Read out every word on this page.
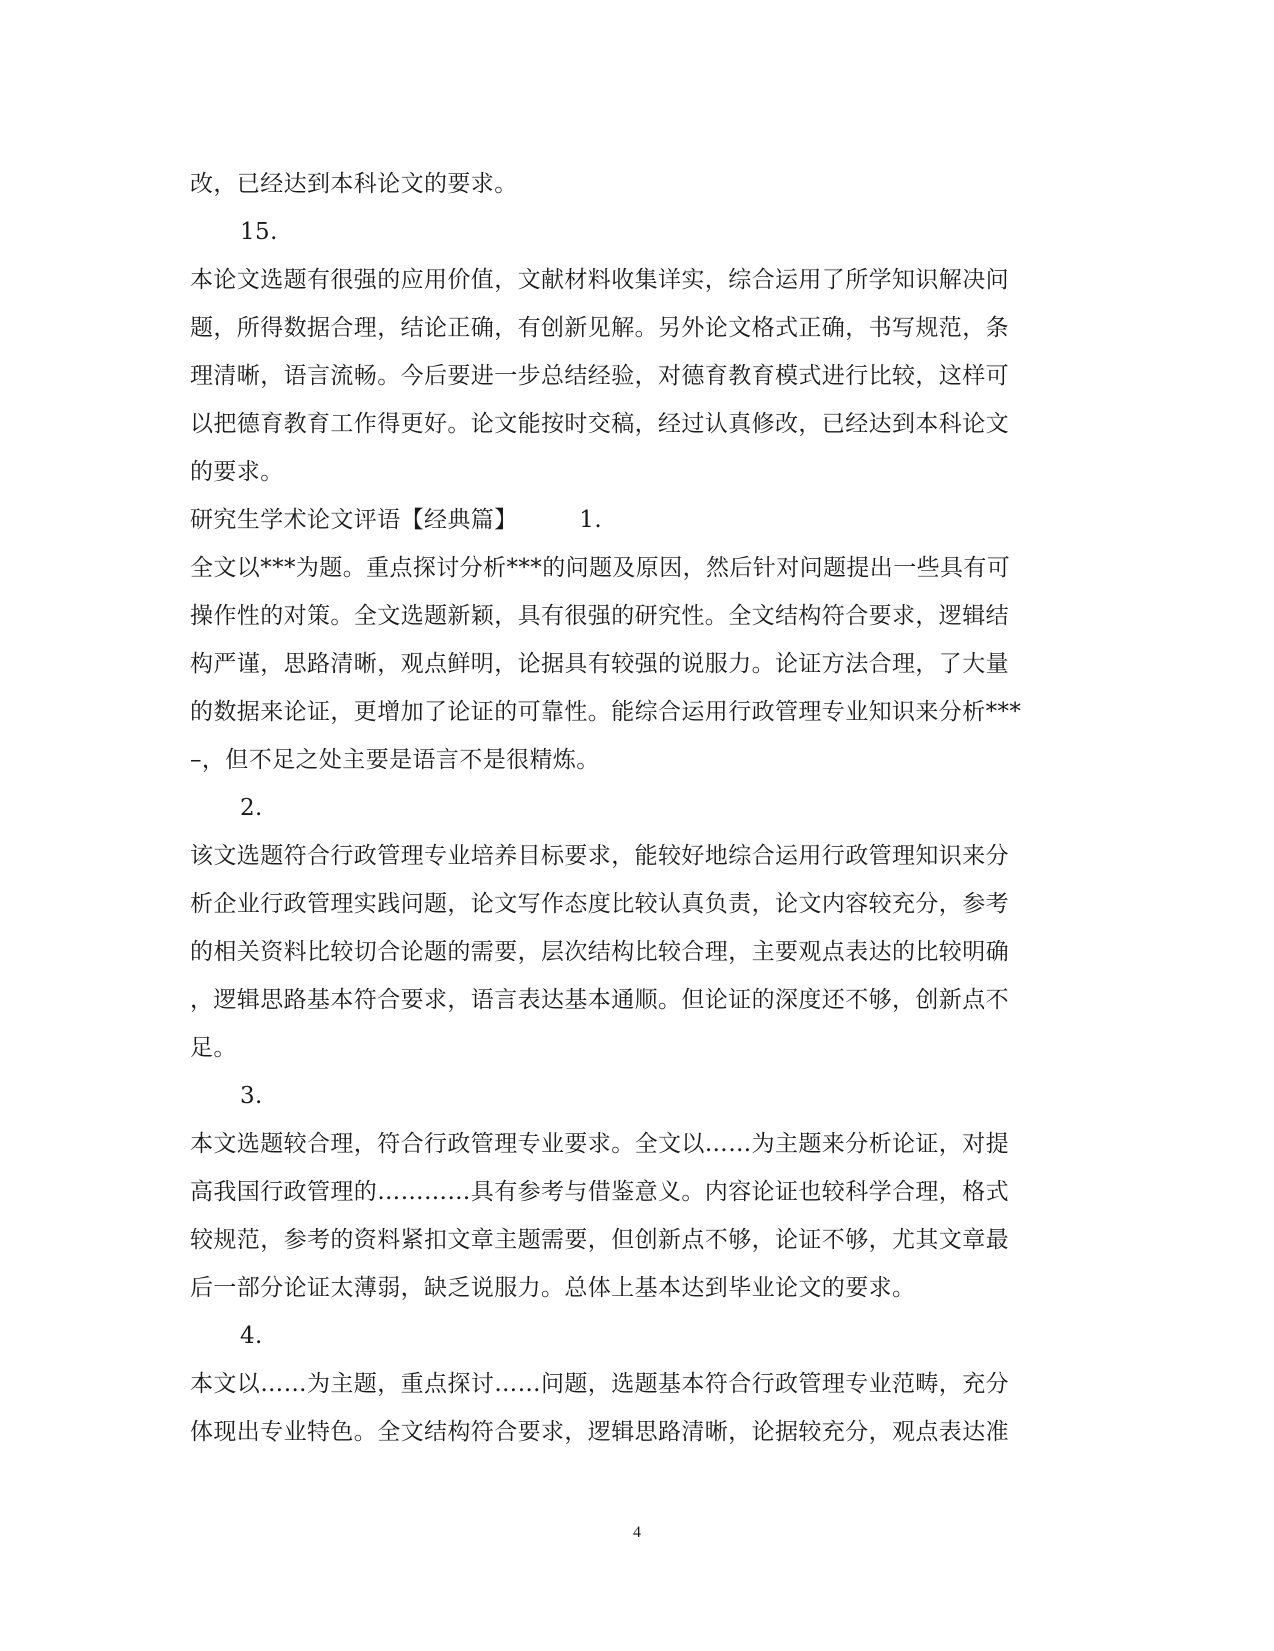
改，已经达到本科论文的要求。
15.
本论文选题有很强的应用价值，文献材料收集详实，综合运用了所学知识解决问
题，所得数据合理，结论正确，有创新见解。另外论文格式正确，书写规范，条
理清晰，语言流畅。今后要进一步总结经验，对德育教育模式进行比较，这样可
以把德育教育工作得更好。论文能按时交稿，经过认真修改，已经达到本科论文
的要求。
研究生学术论文评语【经典篇】        1.
全文以***为题。重点探讨分析***的问题及原因，然后针对问题提出一些具有可
操作性的对策。全文选题新颖，具有很强的研究性。全文结构符合要求，逻辑结
构严谨，思路清晰，观点鲜明，论据具有较强的说服力。论证方法合理，了大量
的数据来论证，更增加了论证的可靠性。能综合运用行政管理专业知识来分析***
–，但不足之处主要是语言不是很精炼。
2.
该文选题符合行政管理专业培养目标要求，能较好地综合运用行政管理知识来分
析企业行政管理实践问题，论文写作态度比较认真负责，论文内容较充分，参考
的相关资料比较切合论题的需要，层次结构比较合理，主要观点表达的比较明确
，逻辑思路基本符合要求，语言表达基本通顺。但论证的深度还不够，创新点不
足。
3.
本文选题较合理，符合行政管理专业要求。全文以……为主题来分析论证，对提
高我国行政管理的…………具有参考与借鉴意义。内容论证也较科学合理，格式
较规范，参考的资料紧扣文章主题需要，但创新点不够，论证不够，尤其文章最
后一部分论证太薄弱，缺乏说服力。总体上基本达到毕业论文的要求。
4.
本文以……为主题，重点探讨……问题，选题基本符合行政管理专业范畴，充分
体现出专业特色。全文结构符合要求，逻辑思路清晰，论据较充分，观点表达准
4
